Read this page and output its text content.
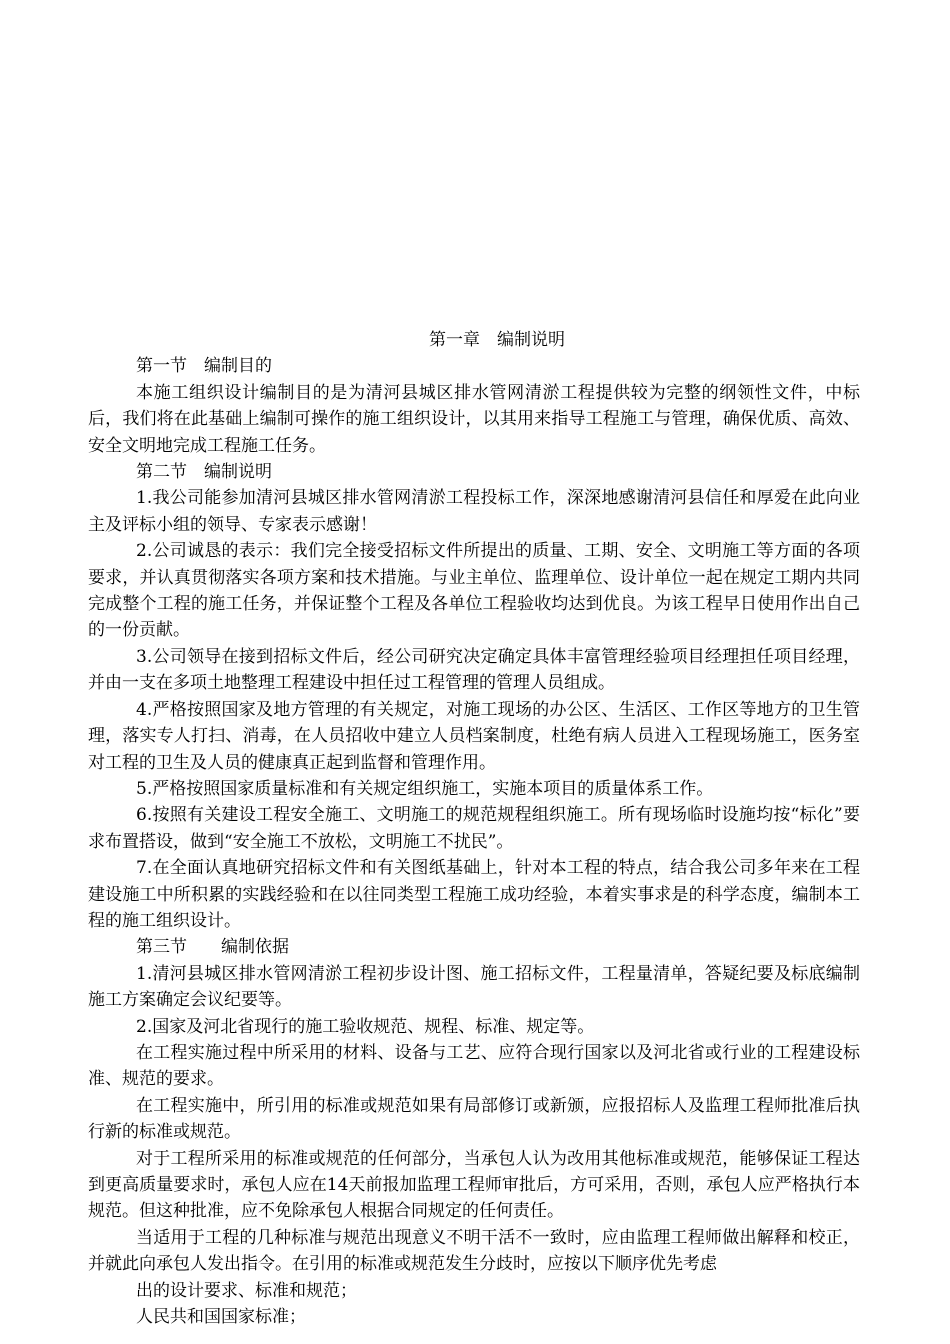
第一章　编制说明

第一节　编制目的

本施工组织设计编制目的是为清河县城区排水管网清淤工程提供较为完整的纲领性文件，中标后，我们将在此基础上编制可操作的施工组织设计，以其用来指导工程施工与管理，确保优质、高效、安全文明地完成工程施工任务。

第二节　编制说明

1.我公司能参加清河县城区排水管网清淤工程投标工作，深深地感谢清河县信任和厚爱在此向业主及评标小组的领导、专家表示感谢！

2.公司诚恳的表示：我们完全接受招标文件所提出的质量、工期、安全、文明施工等方面的各项要求，并认真贯彻落实各项方案和技术措施。与业主单位、监理单位、设计单位一起在规定工期内共同完成整个工程的施工任务，并保证整个工程及各单位工程验收均达到优良。为该工程早日使用作出自己的一份贡献。

3.公司领导在接到招标文件后，经公司研究决定确定具体丰富管理经验项目经理担任项目经理，并由一支在多项土地整理工程建设中担任过工程管理的管理人员组成。

4.严格按照国家及地方管理的有关规定，对施工现场的办公区、生活区、工作区等地方的卫生管理，落实专人打扫、消毒，在人员招收中建立人员档案制度，杜绝有病人员进入工程现场施工，医务室对工程的卫生及人员的健康真正起到监督和管理作用。

5.严格按照国家质量标准和有关规定组织施工，实施本项目的质量体系工作。

6.按照有关建设工程安全施工、文明施工的规范规程组织施工。所有现场临时设施均按“标化”要求布置搭设，做到“安全施工不放松，文明施工不扰民”。

7.在全面认真地研究招标文件和有关图纸基础上，针对本工程的特点，结合我公司多年来在工程建设施工中所积累的实践经验和在以往同类型工程施工成功经验，本着实事求是的科学态度，编制本工程的施工组织设计。

第三节　　编制依据

1.清河县城区排水管网清淤工程初步设计图、施工招标文件，工程量清单，答疑纪要及标底编制施工方案确定会议纪要等。

2.国家及河北省现行的施工验收规范、规程、标准、规定等。

在工程实施过程中所采用的材料、设备与工艺、应符合现行国家以及河北省或行业的工程建设标准、规范的要求。

在工程实施中，所引用的标准或规范如果有局部修订或新颁，应报招标人及监理工程师批准后执行新的标准或规范。

对于工程所采用的标准或规范的任何部分，当承包人认为改用其他标准或规范，能够保证工程达到更高质量要求时，承包人应在14天前报加监理工程师审批后，方可采用，否则，承包人应严格执行本规范。但这种批准，应不免除承包人根据合同规定的任何责任。

当适用于工程的几种标准与规范出现意义不明干活不一致时，应由监理工程师做出解释和校正，并就此向承包人发出指令。在引用的标准或规范发生分歧时，应按以下顺序优先考虑

出的设计要求、标准和规范；

人民共和国国家标准；
